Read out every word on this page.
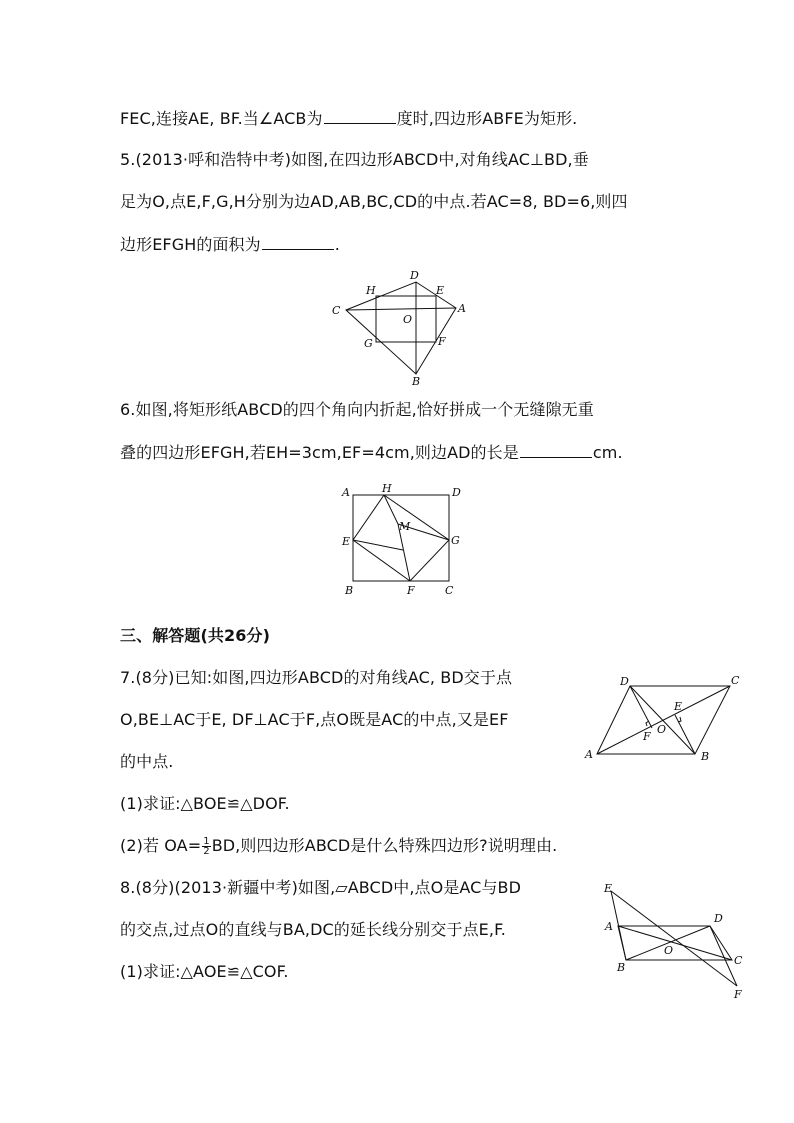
FEC,连接AE, BF.当∠ACB为	度时,四边形ABFE为矩形.
5.(2013·呼和浩特中考)如图,在四边形ABCD中,对角线AC⊥BD,垂
足为O,点E,F,G,H分别为边AD,AB,BC,CD的中点.若AC=8, BD=6,则四
边形EFGH的面积为	.
D
H	E
C	A
O
G	F
B
6.如图,将矩形纸ABCD的四个角向内折起,恰好拼成一个无缝隙无重
叠的四边形EFGH,若EH=3cm,EF=4cm,则边AD的长是	cm.
A	H	D
M
E	G
B	F	C
三、解答题(共26分)
7.(8分)已知:如图,四边形ABCD的对角线AC, BD交于点
O,BE⊥AC于E, DF⊥AC于F,点O既是AC的中点,又是EF
的中点.
(1)求证:△BOE≌△DOF.
(2)若 $OA= \frac{1}{2}$ BD,则四边形ABCD是什么特殊四边形?说明理由.
D	C
E
F
O
A	B
8.(8分)(2013·新疆中考)如图,▱ABCD中,点O是AC与BD
的交点,过点O的直线与BA,DC的延长线分别交于点E,F.
(1)求证:△AOE≌△COF.
E
D
A
O
C
B
F
